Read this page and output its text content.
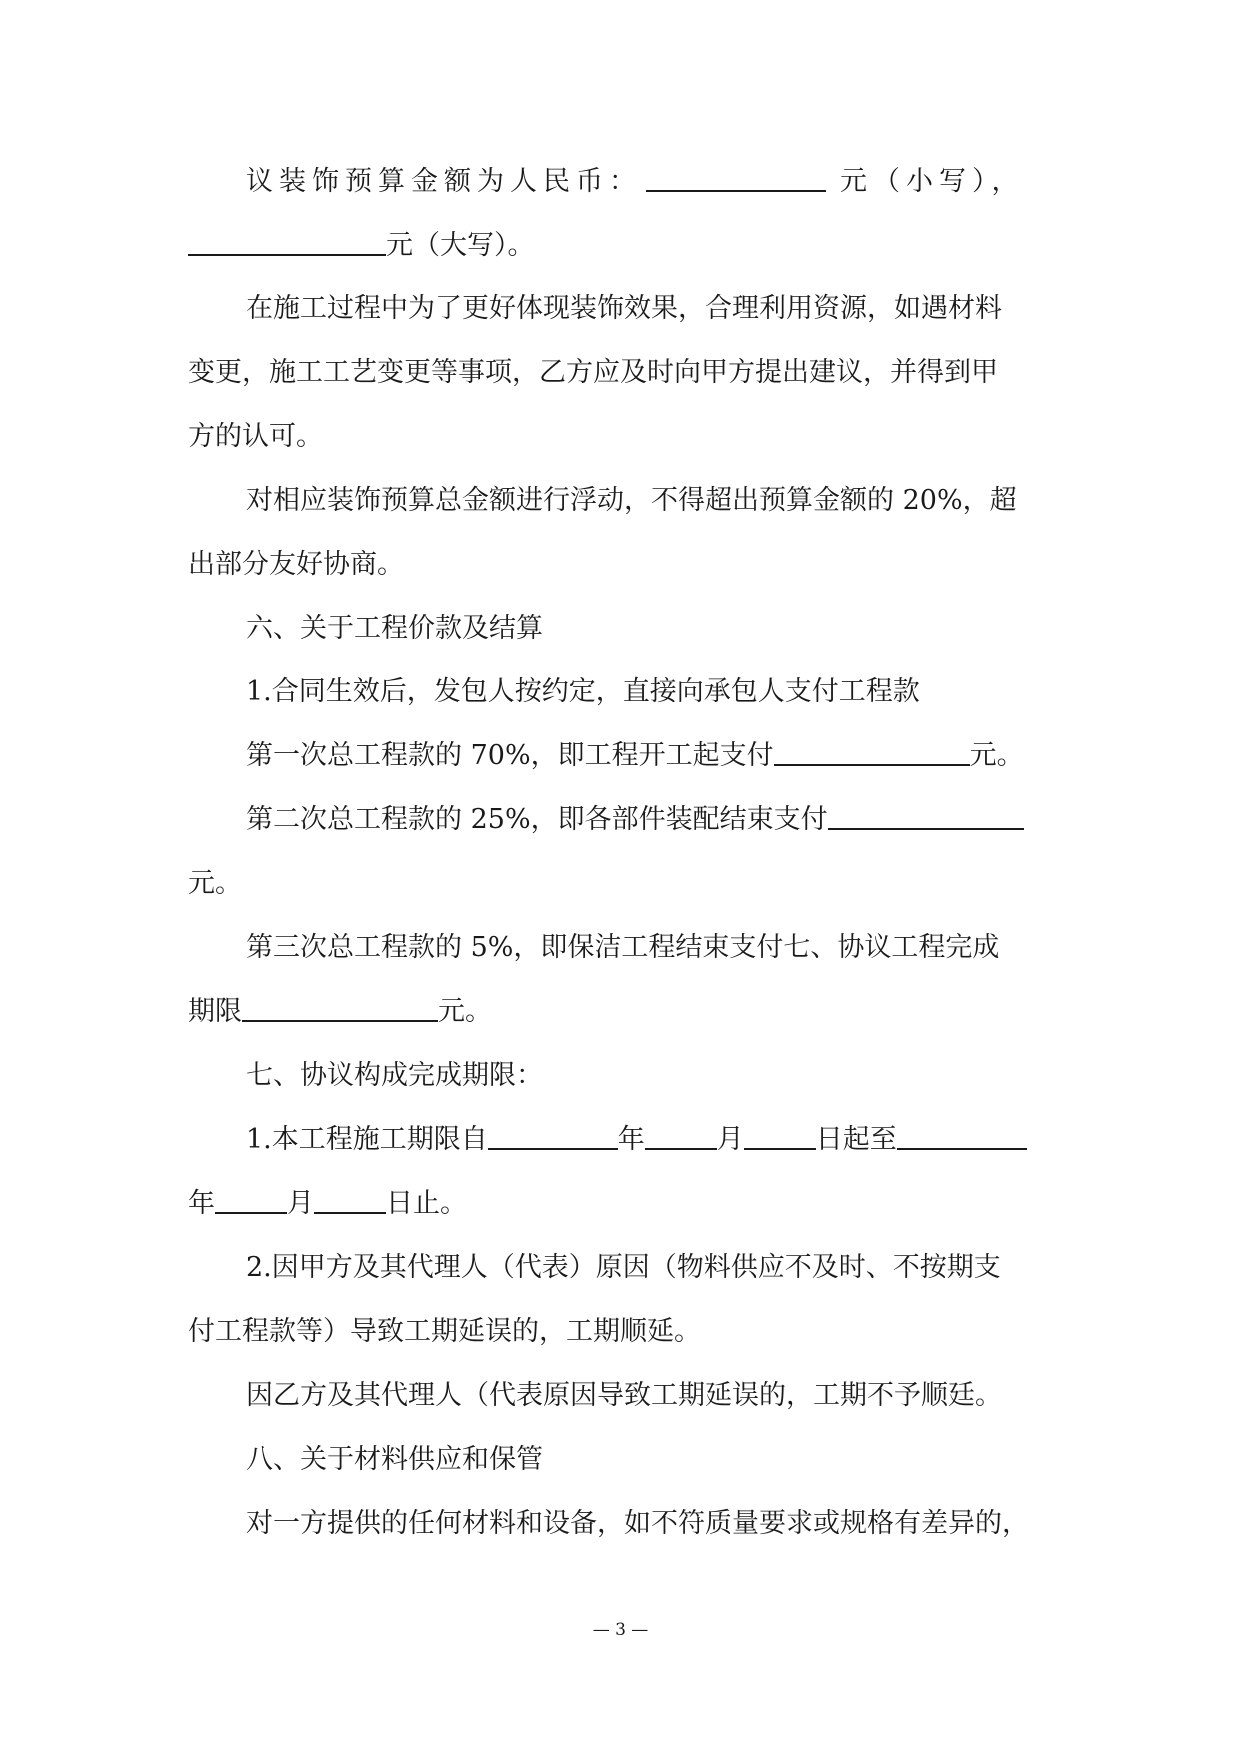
议装饰预算金额为人民币：	元（小写），
元（大写）。
在施工过程中为了更好体现装饰效果，合理利用资源，如遇材料
变更，施工工艺变更等事项，乙方应及时向甲方提出建议，并得到甲
方的认可。
对相应装饰预算总金额进行浮动，不得超出预算金额的 20%，超
出部分友好协商。
六、关于工程价款及结算
1.合同生效后，发包人按约定，直接向承包人支付工程款
第一次总工程款的 70%，即工程开工起支付	元。
第二次总工程款的 25%，即各部件装配结束支付
元。
第三次总工程款的 5%，即保洁工程结束支付七、协议工程完成
期限	元。
七、协议构成完成期限：
1.本工程施工期限自	年	月	日起至
年	月	日止。
2.因甲方及其代理人（代表）原因（物料供应不及时、不按期支
付工程款等）导致工期延误的，工期顺延。
因乙方及其代理人（代表原因导致工期延误的，工期不予顺廷。
八、关于材料供应和保管
对一方提供的任何材料和设备，如不符质量要求或规格有差异的，
— 3 —
